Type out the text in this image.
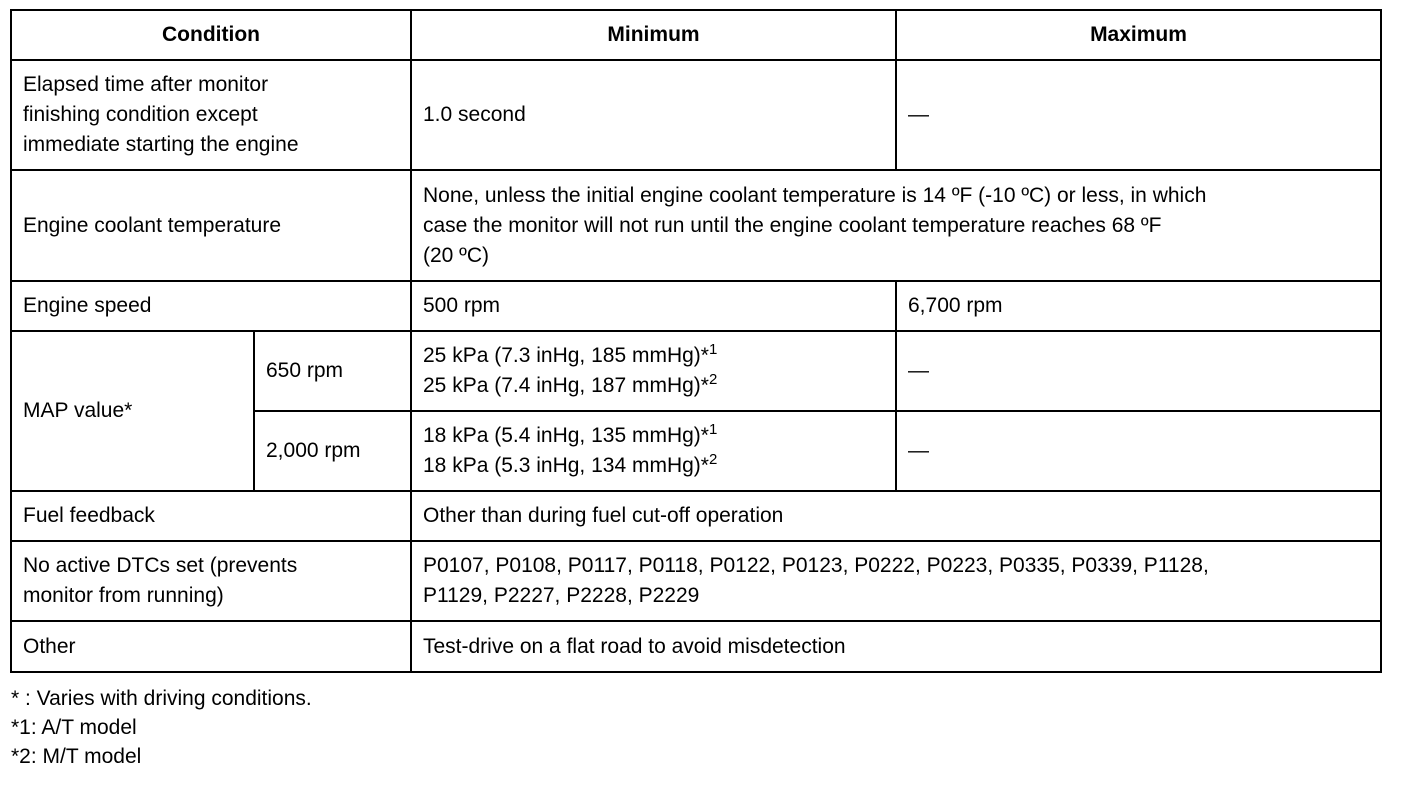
Condition		Minimum	Maximum

Elapsed time after monitor
finishing condition except
immediate starting the engine		1.0 second	—
Engine coolant temperature		None, unless the initial engine coolant temperature is 14 ºF (-10 ºC) or less, in which
case the monitor will not run until the engine coolant temperature reaches 68 ºF
(20 ºC)	

Engine speed		500 rpm	6,700 rpm
MAP value*	650 rpm	25 kPa (7.3 inHg, 185 mmHg)*$^1$
25 kPa (7.4 inHg, 187 mmHg)*$^2$	—
	2,000 rpm	18 kPa (5.4 inHg, 135 mmHg)*$^1$
18 kPa (5.3 inHg, 134 mmHg)*$^2$	—
Fuel feedback		Other than during fuel cut-off operation	

No active DTCs set (prevents
monitor from running)		P0107, P0108, P0117, P0118, P0122, P0123, P0222, P0223, P0335, P0339, P1128,
P1129, P2227, P2228, P2229	

Other		Test-drive on a flat road to avoid misdetection	
* : Varies with driving conditions.
*1: A/T model
*2: M/T model
